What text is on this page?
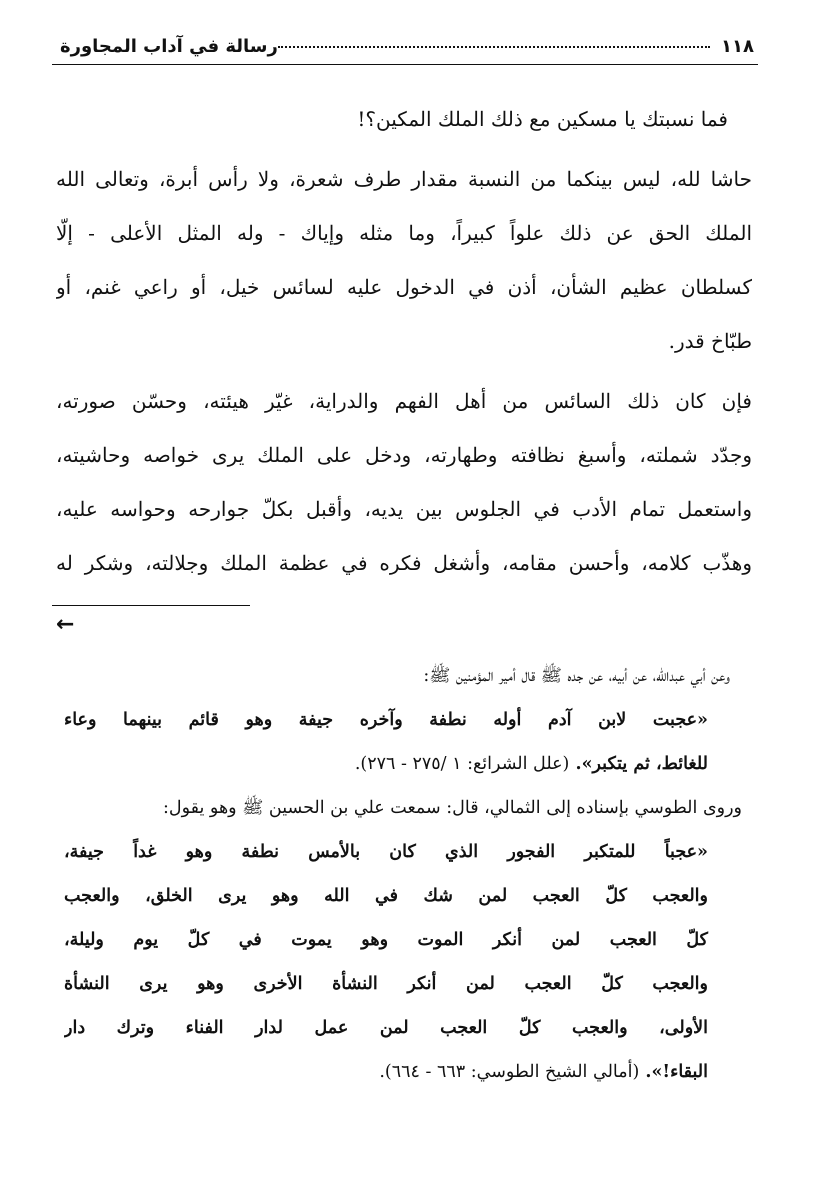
١١٨
رسالة في آداب المجاورة
فما نسبتك يا مسكين مع ذلك الملك المكين؟!
حاشا لله، ليس بينكما من النسبة مقدار طرف شعرة، ولا رأس أبرة، وتعالى الله
الملك الحق عن ذلك علواً كبيراً، وما مثله وإياك - وله المثل الأعلى - إلّا
كسلطان عظيم الشأن، أذن في الدخول عليه لسائس خيل، أو راعي غنم، أو
طبّاخ قدر.
فإن كان ذلك السائس من أهل الفهم والدراية، غيّر هيئته، وحسّن صورته،
وجدّد شملته، وأسبغ نظافته وطهارته، ودخل على الملك يرى خواصه وحاشيته،
واستعمل تمام الأدب في الجلوس بين يديه، وأقبل بكلّ جوارحه وحواسه عليه،
وهذّب كلامه، وأحسن مقامه، وأشغل فكره في عظمة الملك وجلالته، وشكر له
←
وعن أبي عبدالله، عن أبيه، عن جده ﷺ قال أمير المؤمنين ﷺ:
«عجبت لابن آدم أوله نطفة وآخره جيفة وهو قائم بينهما وعاء
للغائط، ثم يتكبر». (علل الشرائع: ١ /٢٧٥ - ٢٧٦).
وروى الطوسي بإسناده إلى الثمالي، قال: سمعت علي بن الحسين ﷺ وهو يقول:
«عجباً للمتكبر الفجور الذي كان بالأمس نطفة وهو غداً جيفة،
والعجب كلّ العجب لمن شك في الله وهو يرى الخلق، والعجب
كلّ العجب لمن أنكر الموت وهو يموت في كلّ يوم وليلة،
والعجب كلّ العجب لمن أنكر النشأة الأخرى وهو يرى النشأة
الأولى، والعجب كلّ العجب لمن عمل لدار الفناء وترك دار
البقاء!». (أمالي الشيخ الطوسي: ٦٦٣ - ٦٦٤).
